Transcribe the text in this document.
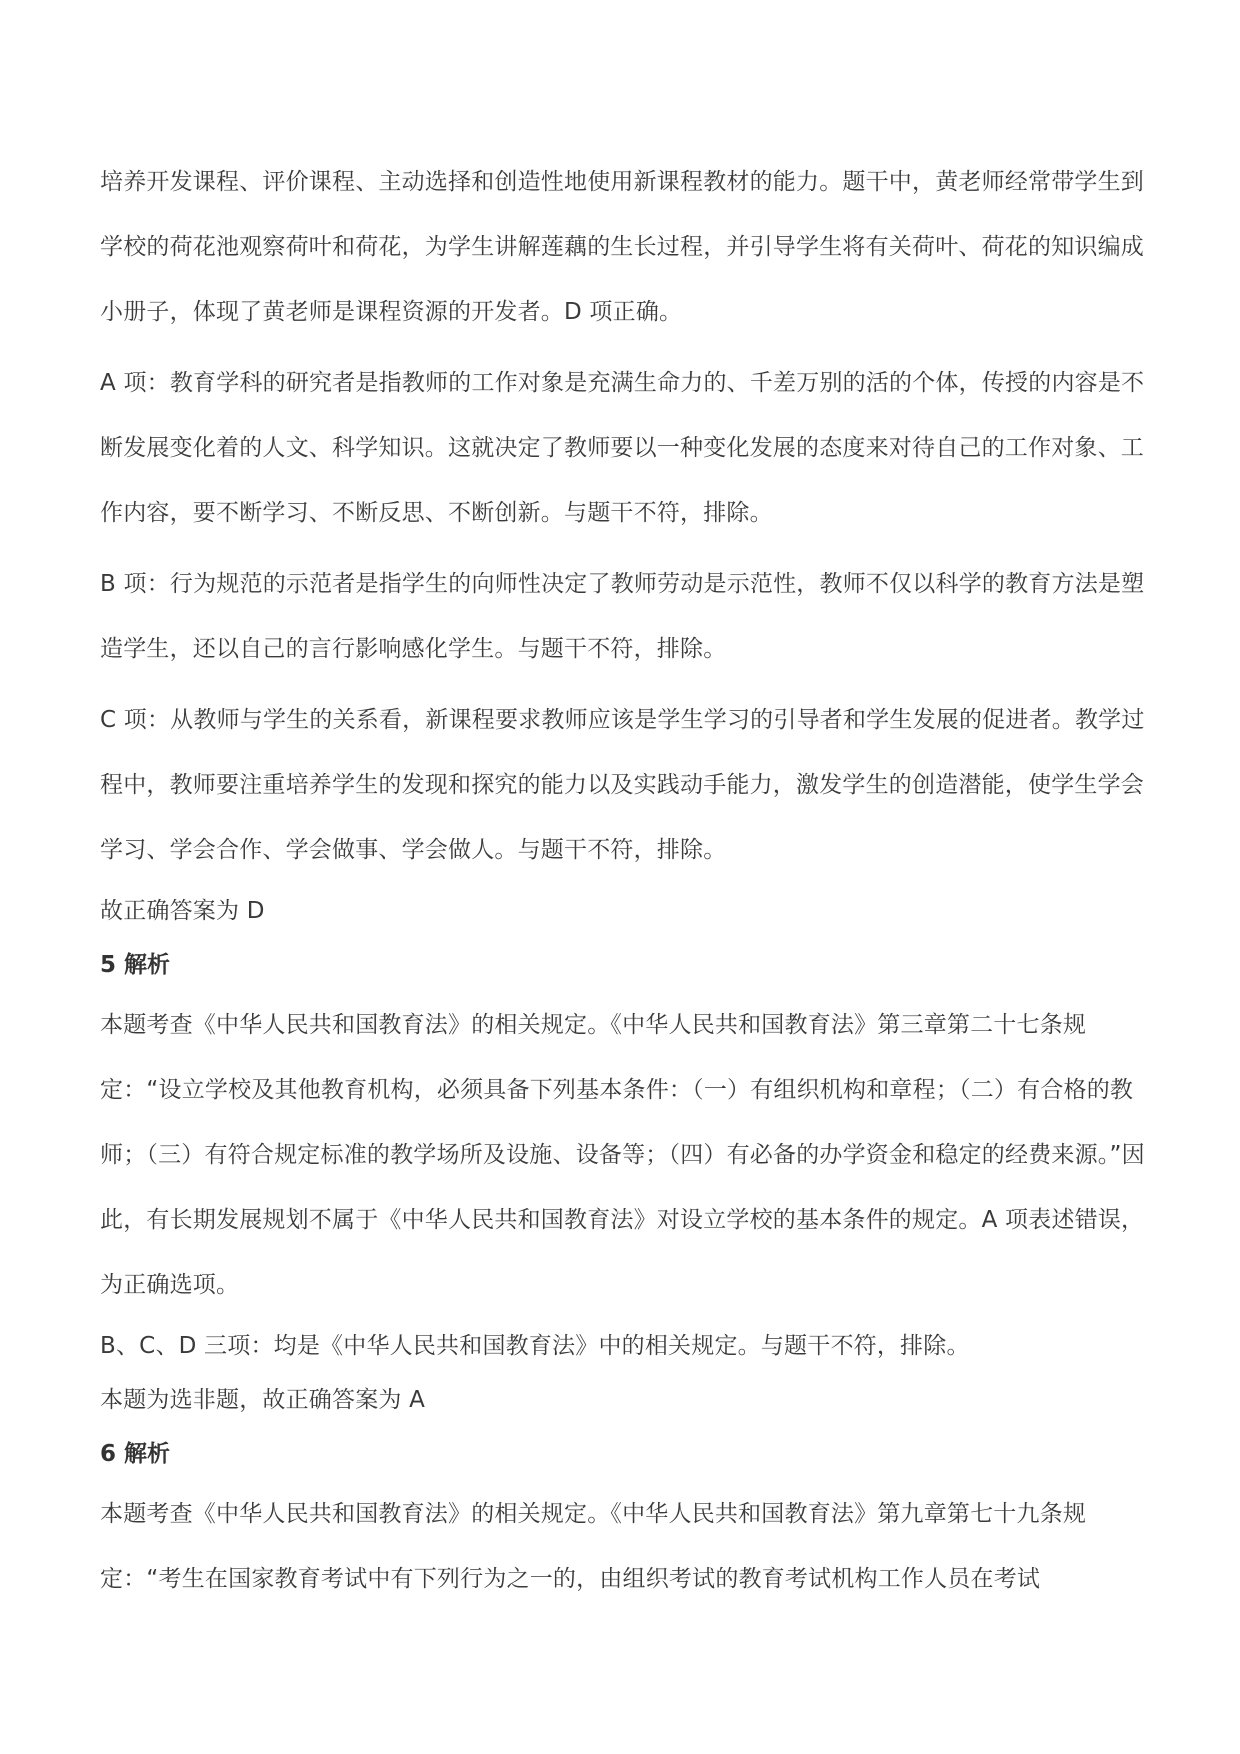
培养开发课程、评价课程、主动选择和创造性地使用新课程教材的能力。题干中，黄老师经常带学生到学校的荷花池观察荷叶和荷花，为学生讲解莲藕的生长过程，并引导学生将有关荷叶、荷花的知识编成小册子，体现了黄老师是课程资源的开发者。D 项正确。

A 项：教育学科的研究者是指教师的工作对象是充满生命力的、千差万别的活的个体，传授的内容是不断发展变化着的人文、科学知识。这就决定了教师要以一种变化发展的态度来对待自己的工作对象、工作内容，要不断学习、不断反思、不断创新。与题干不符，排除。

B 项：行为规范的示范者是指学生的向师性决定了教师劳动是示范性，教师不仅以科学的教育方法是塑造学生，还以自己的言行影响感化学生。与题干不符，排除。

C 项：从教师与学生的关系看，新课程要求教师应该是学生学习的引导者和学生发展的促进者。教学过程中，教师要注重培养学生的发现和探究的能力以及实践动手能力，激发学生的创造潜能，使学生学会学习、学会合作、学会做事、学会做人。与题干不符，排除。

故正确答案为 D

5 解析

本题考查《中华人民共和国教育法》的相关规定。《中华人民共和国教育法》第三章第二十七条规定：“设立学校及其他教育机构，必须具备下列基本条件：（一）有组织机构和章程；（二）有合格的教师；（三）有符合规定标准的教学场所及设施、设备等；（四）有必备的办学资金和稳定的经费来源。”因此，有长期发展规划不属于《中华人民共和国教育法》对设立学校的基本条件的规定。A 项表述错误，为正确选项。

B、C、D 三项：均是《中华人民共和国教育法》中的相关规定。与题干不符，排除。

本题为选非题，故正确答案为 A

6 解析

本题考查《中华人民共和国教育法》的相关规定。《中华人民共和国教育法》第九章第七十九条规定：“考生在国家教育考试中有下列行为之一的，由组织考试的教育考试机构工作人员在考试
